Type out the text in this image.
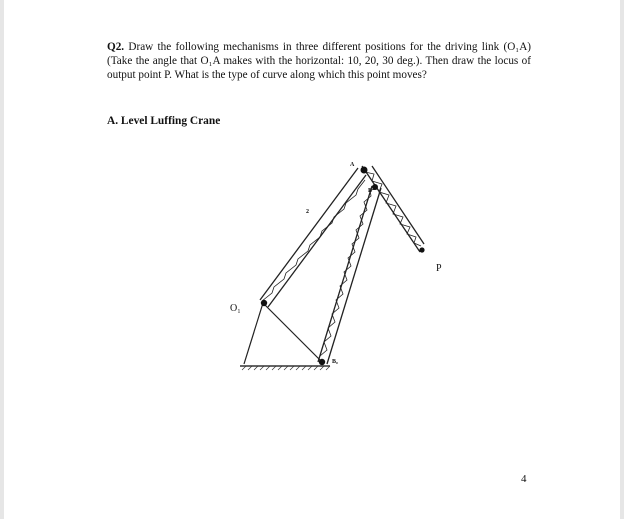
Q2. Draw the following mechanisms in three different positions for the driving link (O₁A) (Take the angle that O₁A makes with the horizontal: 10, 20, 30 deg.). Then draw the locus of output point P. What is the type of curve along which this point moves?
A. Level Luffing Crane
O₁
A
B
B₀
P
2
4
